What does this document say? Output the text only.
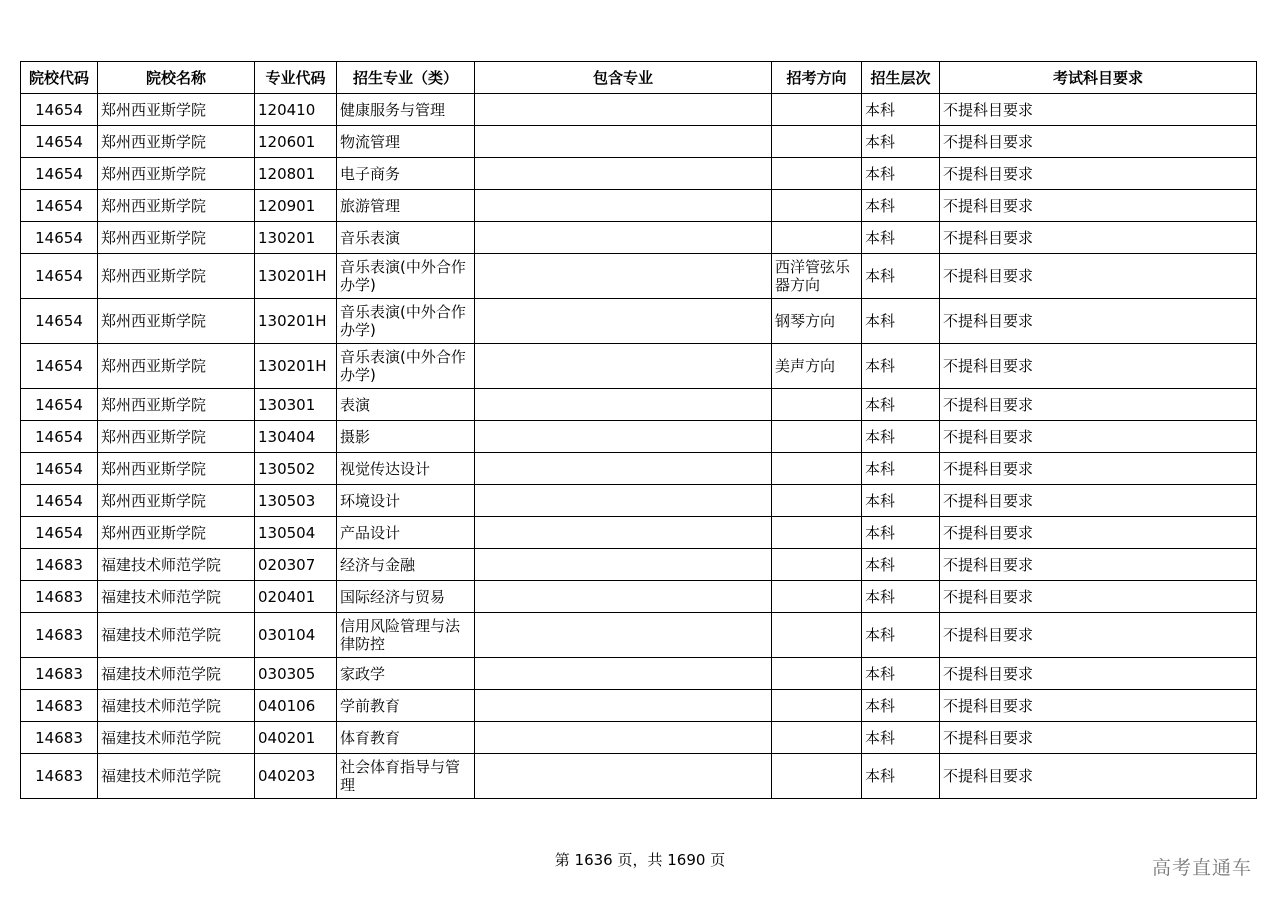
院校代码	院校名称	专业代码	招生专业（类）	包含专业	招考方向	招生层次	考试科目要求
14654	郑州西亚斯学院	120410	健康服务与管理			本科	不提科目要求
14654	郑州西亚斯学院	120601	物流管理			本科	不提科目要求
14654	郑州西亚斯学院	120801	电子商务			本科	不提科目要求
14654	郑州西亚斯学院	120901	旅游管理			本科	不提科目要求
14654	郑州西亚斯学院	130201	音乐表演			本科	不提科目要求
14654	郑州西亚斯学院	130201H	音乐表演(中外合作办学)		西洋管弦乐器方向	本科	不提科目要求
14654	郑州西亚斯学院	130201H	音乐表演(中外合作办学)		钢琴方向	本科	不提科目要求
14654	郑州西亚斯学院	130201H	音乐表演(中外合作办学)		美声方向	本科	不提科目要求
14654	郑州西亚斯学院	130301	表演			本科	不提科目要求
14654	郑州西亚斯学院	130404	摄影			本科	不提科目要求
14654	郑州西亚斯学院	130502	视觉传达设计			本科	不提科目要求
14654	郑州西亚斯学院	130503	环境设计			本科	不提科目要求
14654	郑州西亚斯学院	130504	产品设计			本科	不提科目要求
14683	福建技术师范学院	020307	经济与金融			本科	不提科目要求
14683	福建技术师范学院	020401	国际经济与贸易			本科	不提科目要求
14683	福建技术师范学院	030104	信用风险管理与法律防控			本科	不提科目要求
14683	福建技术师范学院	030305	家政学			本科	不提科目要求
14683	福建技术师范学院	040106	学前教育			本科	不提科目要求
14683	福建技术师范学院	040201	体育教育			本科	不提科目要求
14683	福建技术师范学院	040203	社会体育指导与管理			本科	不提科目要求
第 1636 页，共 1690 页	高考直通车
